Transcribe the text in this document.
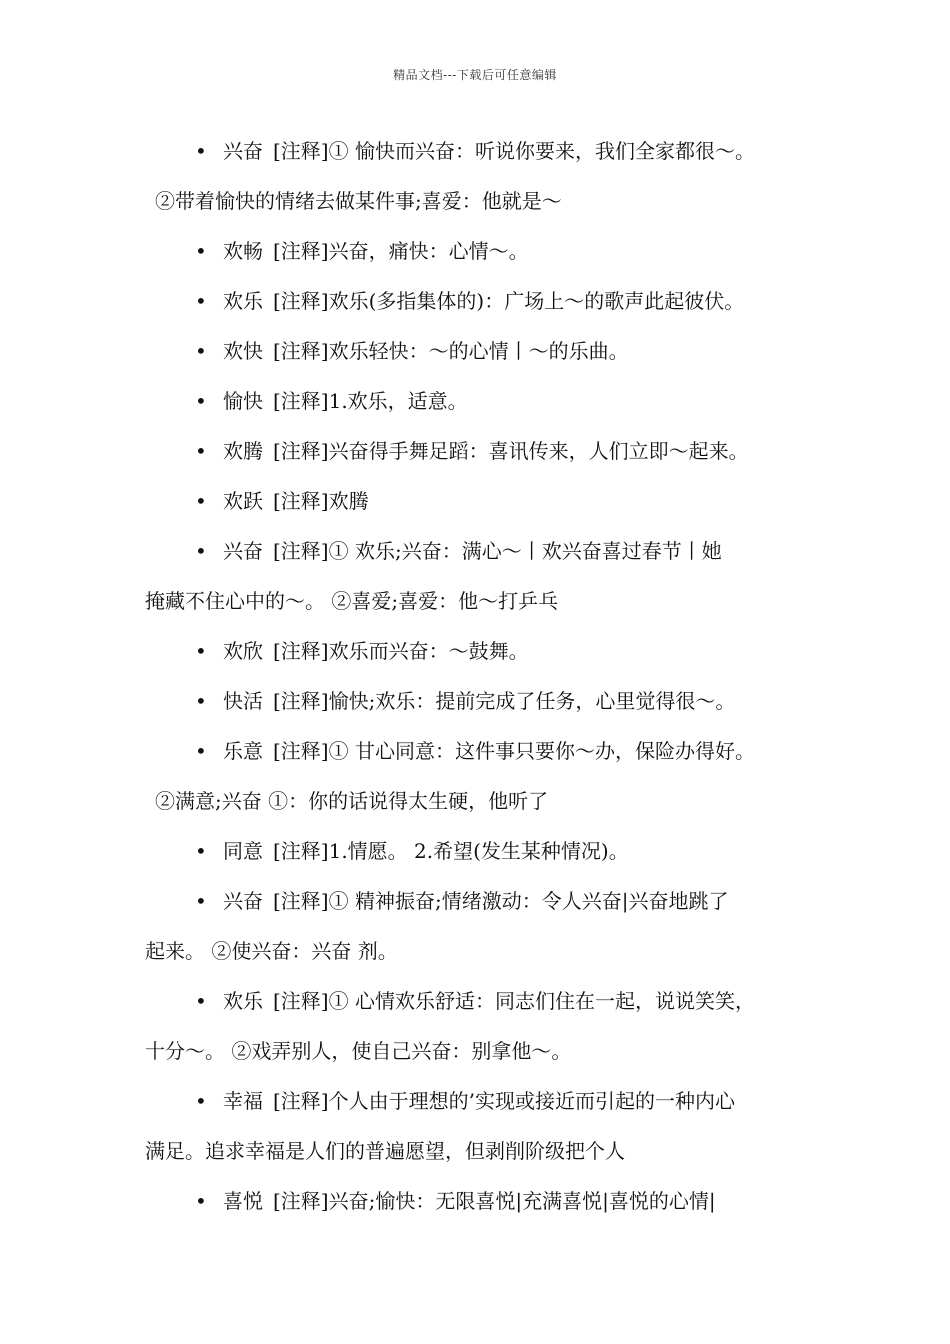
精品文档---下载后可任意编辑
• 兴奋 [注释]① 愉快而兴奋：听说你要来，我们全家都很～。
②带着愉快的情绪去做某件事;喜爱：他就是～
• 欢畅 [注释]兴奋，痛快：心情～。
• 欢乐 [注释]欢乐(多指集体的)：广场上～的歌声此起彼伏。
• 欢快 [注释]欢乐轻快：～的心情丨～的乐曲。
• 愉快 [注释]1.欢乐，适意。
• 欢腾 [注释]兴奋得手舞足蹈：喜讯传来，人们立即～起来。
• 欢跃 [注释]欢腾
• 兴奋 [注释]① 欢乐;兴奋：满心～丨欢兴奋喜过春节丨她
掩藏不住心中的～。 ②喜爱;喜爱：他～打乒乓
• 欢欣 [注释]欢乐而兴奋：～鼓舞。
• 快活 [注释]愉快;欢乐：提前完成了任务，心里觉得很～。
• 乐意 [注释]① 甘心同意：这件事只要你～办，保险办得好。
②满意;兴奋 ①：你的话说得太生硬，他听了
• 同意 [注释]1.情愿。 2.希望(发生某种情况)。
• 兴奋 [注释]① 精神振奋;情绪激动：令人兴奋|兴奋地跳了
起来。 ②使兴奋：兴奋 剂。
• 欢乐 [注释]① 心情欢乐舒适：同志们住在一起，说说笑笑，
十分～。 ②戏弄别人，使自己兴奋：别拿他～。
• 幸福 [注释]个人由于理想的’实现或接近而引起的一种内心
满足。追求幸福是人们的普遍愿望，但剥削阶级把个人
• 喜悦 [注释]兴奋;愉快：无限喜悦|充满喜悦|喜悦的心情|
